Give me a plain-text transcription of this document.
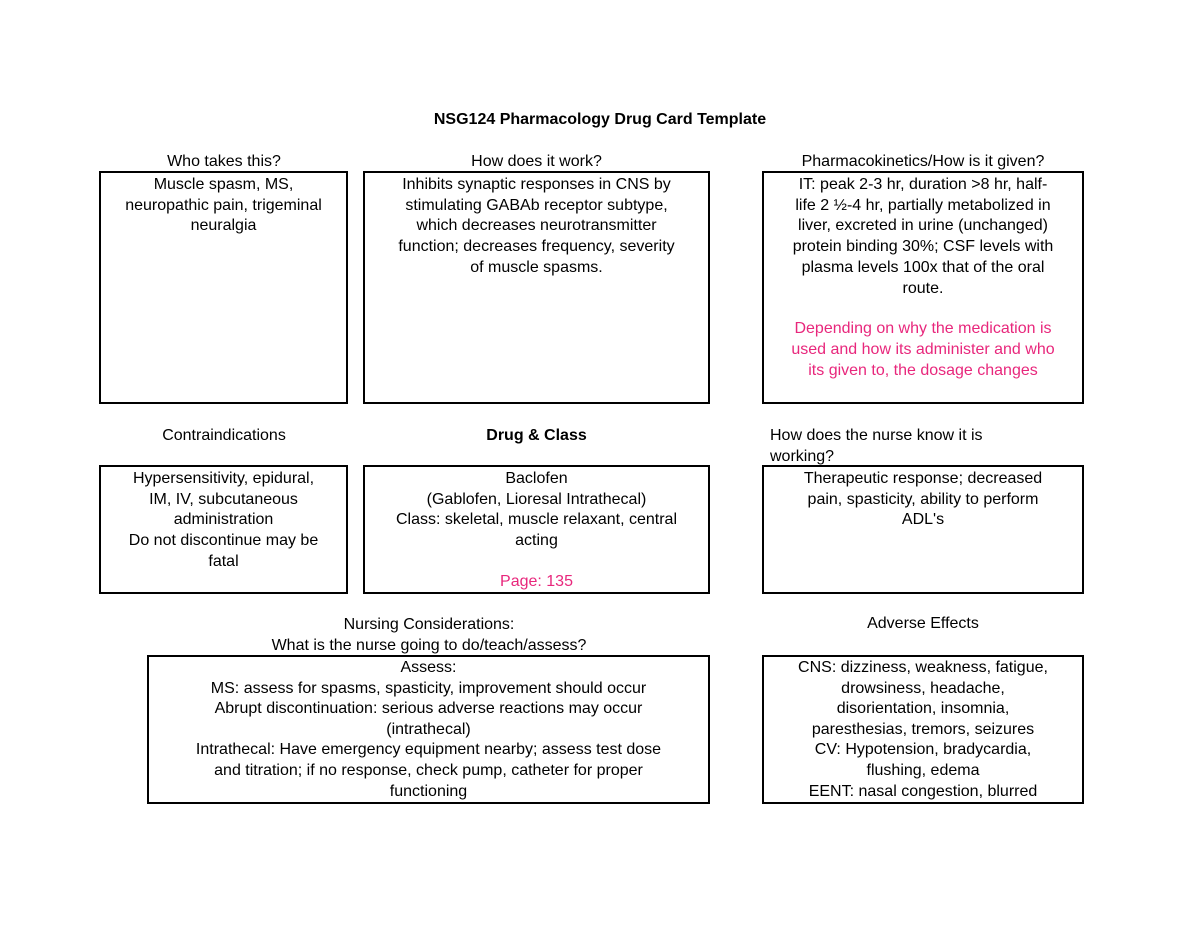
NSG124 Pharmacology Drug Card Template
Who takes this?	How does it work?	Pharmacokinetics/How is it given?
Muscle spasm, MS,
neuropathic pain, trigeminal
neuralgia
Inhibits synaptic responses in CNS by
stimulating GABAb receptor subtype,
which decreases neurotransmitter
function; decreases frequency, severity
of muscle spasms.
IT: peak 2-3 hr, duration >8 hr, half-
life 2 ½-4 hr, partially metabolized in
liver, excreted in urine (unchanged)
protein binding 30%; CSF levels with
plasma levels 100x that of the oral
route.
Depending on why the medication is
used and how its administer and who
its given to, the dosage changes
Contraindications	Drug & Class	How does the nurse know it is
working?
Hypersensitivity, epidural,
IM, IV, subcutaneous
administration
Do not discontinue may be
fatal
Baclofen
(Gablofen, Lioresal Intrathecal)
Class: skeletal, muscle relaxant, central
acting
Page: 135
Therapeutic response; decreased
pain, spasticity, ability to perform
ADL's
Nursing Considerations:
What is the nurse going to do/teach/assess?
Adverse Effects
Assess:
MS: assess for spasms, spasticity, improvement should occur
Abrupt discontinuation: serious adverse reactions may occur
(intrathecal)
Intrathecal: Have emergency equipment nearby; assess test dose
and titration; if no response, check pump, catheter for proper
functioning
CNS: dizziness, weakness, fatigue,
drowsiness, headache,
disorientation, insomnia,
paresthesias, tremors, seizures
CV: Hypotension, bradycardia,
flushing, edema
EENT: nasal congestion, blurred
